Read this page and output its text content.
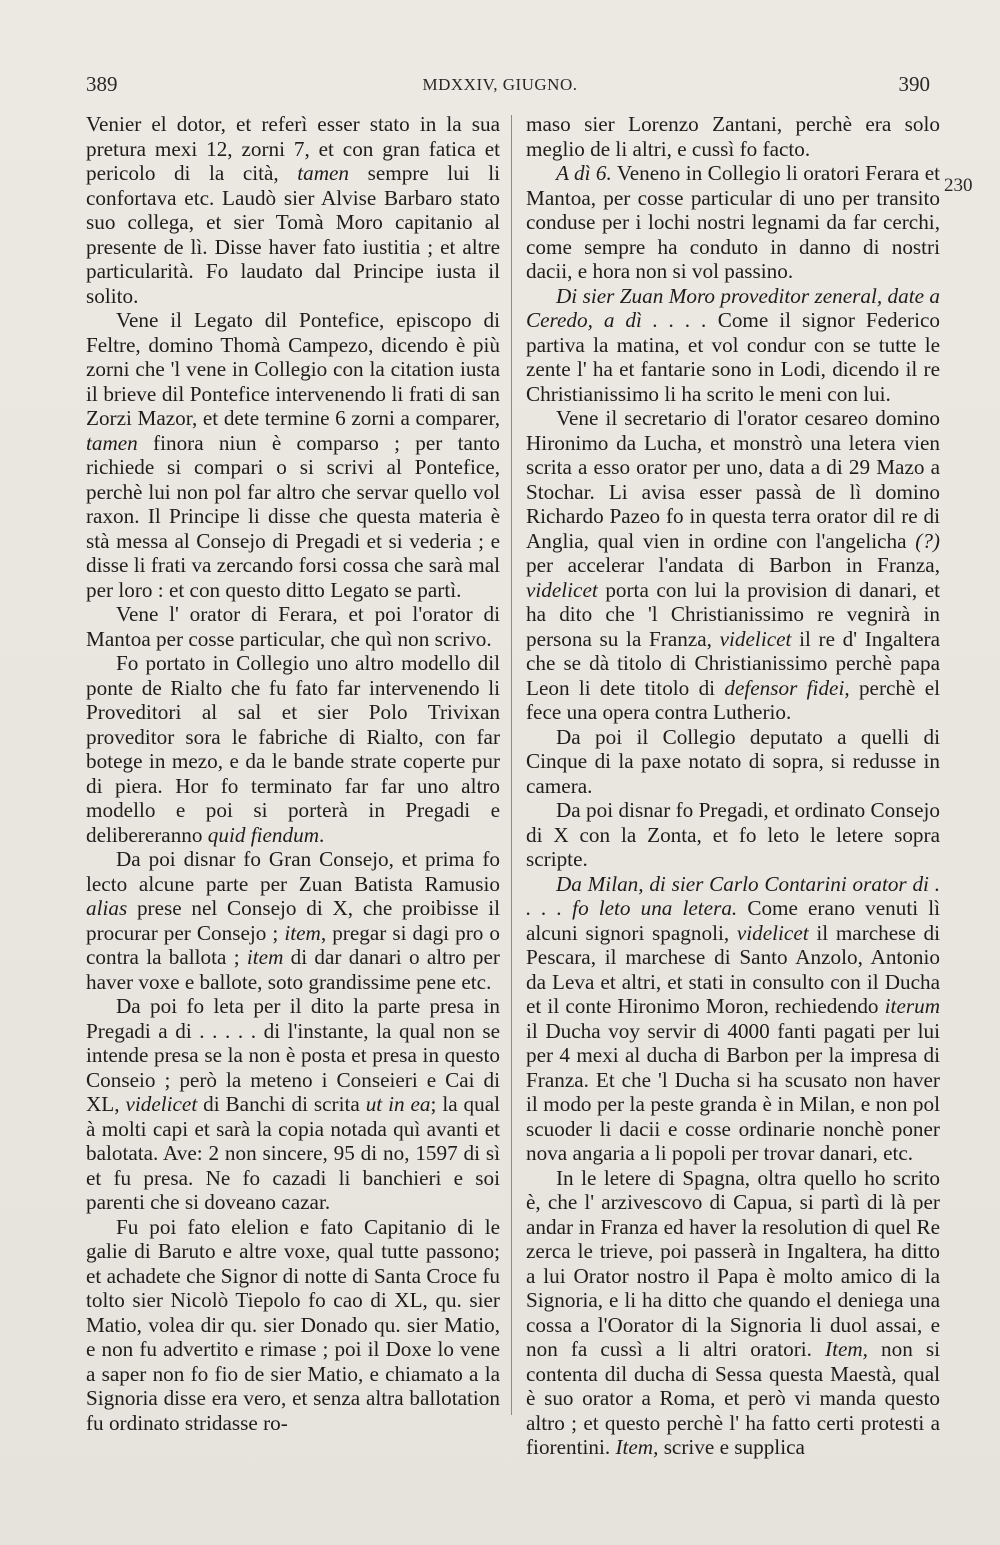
389	MDXXIV, GIUGNO.	390

Venier el dotor, et referì esser stato in la sua pretura mexi 12, zorni 7, et con gran fatica et pericolo di la cità, tamen sempre lui li confortava etc. Laudò sier Alvise Barbaro stato suo collega, et sier Tomà Moro capitanio al presente de lì. Disse haver fato iustitia ; et altre particularità. Fo laudato dal Principe iusta il solito.

Vene il Legato dil Pontefice, episcopo di Feltre, domino Thomà Campezo, dicendo è più zorni che 'l vene in Collegio con la citation iusta il brieve dil Pontefice intervenendo li frati di san Zorzi Mazor, et dete termine 6 zorni a comparer, tamen finora niun è comparso ; per tanto richiede si compari o si scrivi al Pontefice, perchè lui non pol far altro che servar quello vol raxon. Il Principe li disse che questa materia è stà messa al Consejo di Pregadi et si vederia ; e disse li frati va zercando forsi cossa che sarà mal per loro : et con questo ditto Legato se partì.

Vene l' orator di Ferara, et poi l'orator di Mantoa per cosse particular, che quì non scrivo.

Fo portato in Collegio uno altro modello dil ponte de Rialto che fu fato far intervenendo li Proveditori al sal et sier Polo Trivixan proveditor sora le fabriche di Rialto, con far botege in mezo, e da le bande strate coperte pur di piera. Hor fo terminato far far uno altro modello e poi si porterà in Pregadi e delibereranno quid fiendum.

Da poi disnar fo Gran Consejo, et prima fo lecto alcune parte per Zuan Batista Ramusio alias prese nel Consejo di X, che proibisse il procurar per Consejo ; item, pregar si dagi pro o contra la ballota ; item di dar danari o altro per haver voxe e ballote, soto grandissime pene etc.

Da poi fo leta per il dito la parte presa in Pregadi a di . . . . . di l'instante, la qual non se intende presa se la non è posta et presa in questo Conseio ; però la meteno i Conseieri e Cai di XL, videlicet di Banchi di scrita ut in ea; la qual à molti capi et sarà la copia notada quì avanti et balotata. Ave: 2 non sincere, 95 di no, 1597 di sì et fu presa. Ne fo cazadi li banchieri e soi parenti che si doveano cazar.

Fu poi fato elelion e fato Capitanio di le galie di Baruto e altre voxe, qual tutte passono; et achadete che Signor di notte di Santa Croce fu tolto sier Nicolò Tiepolo fo cao di XL, qu. sier Matio, volea dir qu. sier Donado qu. sier Matio, e non fu advertito e rimase ; poi il Doxe lo vene a saper non fo fio de sier Matio, e chiamato a la Signoria disse era vero, et senza altra ballotation fu ordinato stridasse ro-

maso sier Lorenzo Zantani, perchè era solo meglio de li altri, e cussì fo facto.

A dì 6. Veneno in Collegio li oratori Ferara et Mantoa, per cosse particular di uno per transito conduse per i lochi nostri legnami da far cerchi, come sempre ha conduto in danno di nostri dacii, e hora non si vol passino.

Di sier Zuan Moro proveditor zeneral, date a Ceredo, a dì . . . . Come il signor Federico partiva la matina, et vol condur con se tutte le zente l' ha et fantarie sono in Lodi, dicendo il re Christianissimo li ha scrito le meni con lui.

Vene il secretario di l'orator cesareo domino Hironimo da Lucha, et monstrò una letera vien scrita a esso orator per uno, data a di 29 Mazo a Stochar. Li avisa esser passà de lì domino Richardo Pazeo fo in questa terra orator dil re di Anglia, qual vien in ordine con l'angelicha (?) per accelerar l'andata di Barbon in Franza, videlicet porta con lui la provision di danari, et ha dito che 'l Christianissimo re vegnirà in persona su la Franza, videlicet il re d' Ingaltera che se dà titolo di Christianissimo perchè papa Leon li dete titolo di defensor fidei, perchè el fece una opera contra Lutherio.

Da poi il Collegio deputato a quelli di Cinque di la paxe notato di sopra, si redusse in camera.

Da poi disnar fo Pregadi, et ordinato Consejo di X con la Zonta, et fo leto le letere sopra scripte.

Da Milan, di sier Carlo Contarini orator di . . . . fo leto una letera. Come erano venuti lì alcuni signori spagnoli, videlicet il marchese di Pescara, il marchese di Santo Anzolo, Antonio da Leva et altri, et stati in consulto con il Ducha et il conte Hironimo Moron, rechiedendo iterum il Ducha voy servir di 4000 fanti pagati per lui per 4 mexi al ducha di Barbon per la impresa di Franza. Et che 'l Ducha si ha scusato non haver il modo per la peste granda è in Milan, e non pol scuoder li dacii e cosse ordinarie nonchè poner nova angaria a li popoli per trovar danari, etc.

In le letere di Spagna, oltra quello ho scrito è, che l' arzivescovo di Capua, si partì di là per andar in Franza ed haver la resolution di quel Re zerca le trieve, poi passerà in Ingaltera, ha ditto a lui Orator nostro il Papa è molto amico di la Signoria, e li ha ditto che quando el deniega una cossa a l'Oorator di la Signoria li duol assai, e non fa cussì a li altri oratori. Item, non si contenta dil ducha di Sessa questa Maestà, qual è suo orator a Roma, et però vi manda questo altro ; et questo perchè l' ha fatto certi protesti a fiorentini. Item, scrive e supplica

230
